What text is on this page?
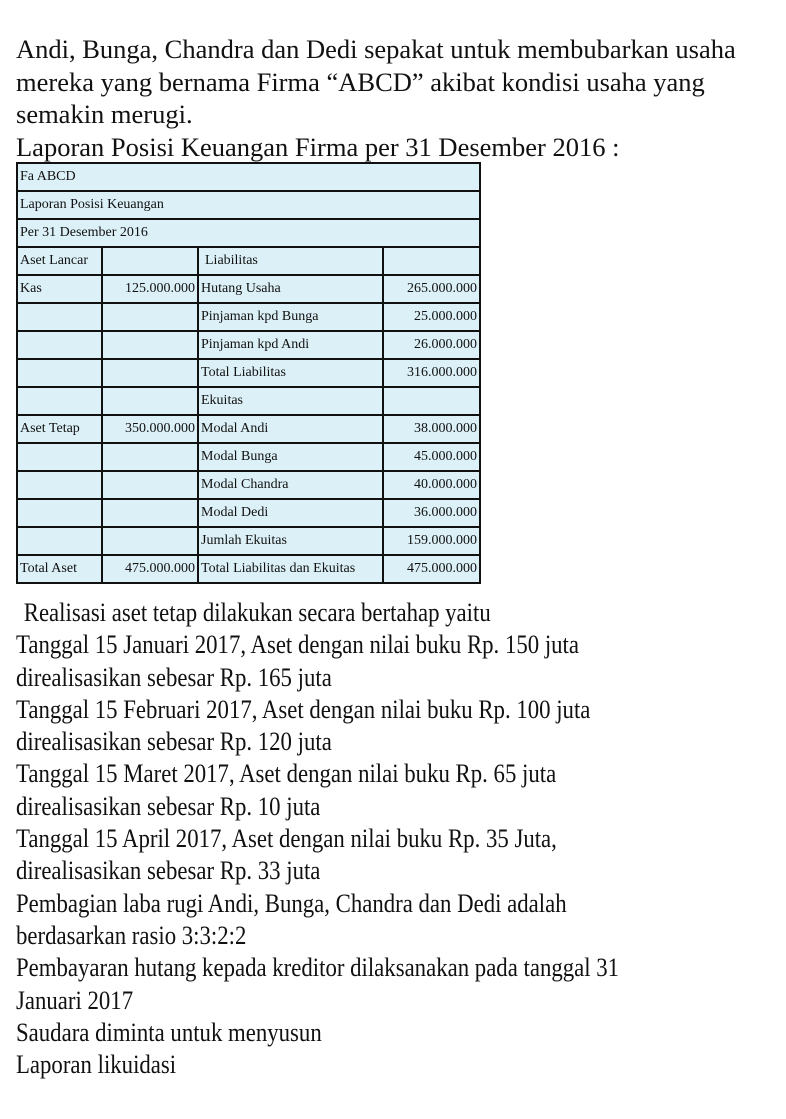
Andi, Bunga, Chandra dan Dedi sepakat untuk membubarkan usaha
mereka yang bernama Firma “ABCD” akibat kondisi usaha yang
semakin merugi.
Laporan Posisi Keuangan Firma per 31 Desember 2016 :
Fa ABCD			
Laporan Posisi Keuangan			
Per 31 Desember 2016			
Aset Lancar		Liabilitas	
Kas	125.000.000	Hutang Usaha	265.000.000
		Pinjaman kpd Bunga	25.000.000
		Pinjaman kpd Andi	26.000.000
		Total Liabilitas	316.000.000
		Ekuitas	
Aset Tetap	350.000.000	Modal Andi	38.000.000
		Modal Bunga	45.000.000
		Modal Chandra	40.000.000
		Modal Dedi	36.000.000
		Jumlah Ekuitas	159.000.000
Total Aset	475.000.000	Total Liabilitas dan Ekuitas	475.000.000
Realisasi aset tetap dilakukan secara bertahap yaitu
Tanggal 15 Januari 2017, Aset dengan nilai buku Rp. 150 juta
direalisasikan sebesar Rp. 165 juta
Tanggal 15 Februari 2017, Aset dengan nilai buku Rp. 100 juta
direalisasikan sebesar Rp. 120 juta
Tanggal 15 Maret 2017, Aset dengan nilai buku Rp. 65 juta
direalisasikan sebesar Rp. 10 juta
Tanggal 15 April 2017, Aset dengan nilai buku Rp. 35 Juta,
direalisasikan sebesar Rp. 33 juta
Pembagian laba rugi Andi, Bunga, Chandra dan Dedi adalah
berdasarkan rasio 3:3:2:2
Pembayaran hutang kepada kreditor dilaksanakan pada tanggal 31
Januari 2017
Saudara diminta untuk menyusun
Laporan likuidasi
